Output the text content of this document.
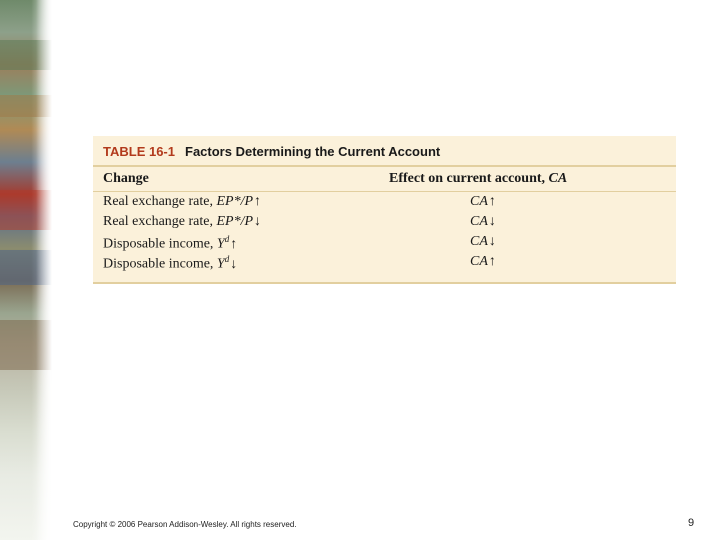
TABLE 16-1 Factors Determining the Current Account
Change	Effect on current account, CA
Real exchange rate, EP*/P↑	CA↑
Real exchange rate, EP*/P↓	CA↓
Disposable income, $Y^d↑$	CA↓
Disposable income, $Y^d↓$	CA↑
Copyright © 2006 Pearson Addison-Wesley. All rights reserved.	9
